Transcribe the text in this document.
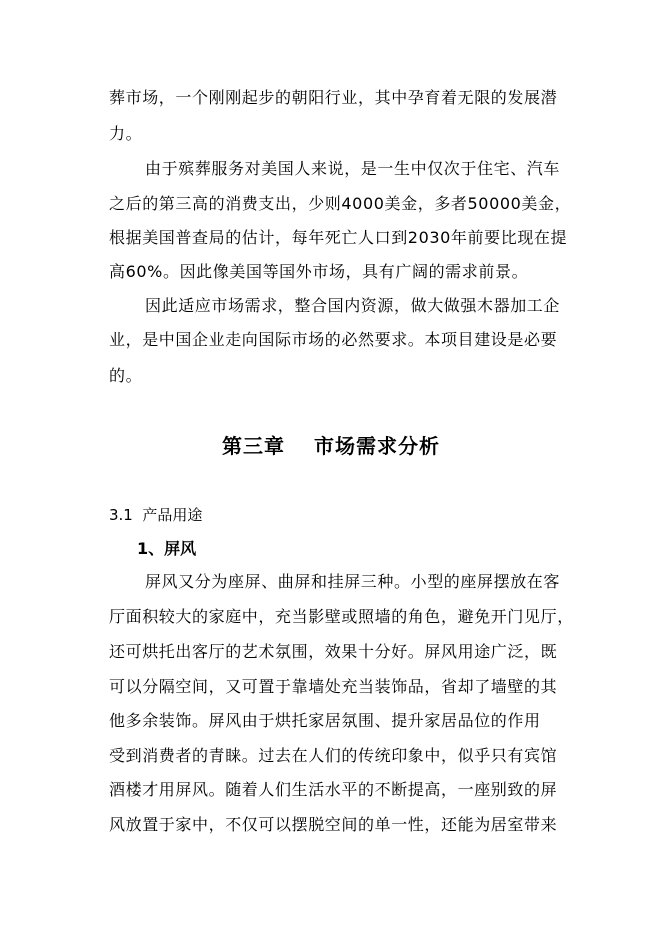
葬市场，一个刚刚起步的朝阳行业，其中孕育着无限的发展潜
力。
由于殡葬服务对美国人来说，是一生中仅次于住宅、汽车
之后的第三高的消费支出，少则4000美金，多者50000美金，
根据美国普查局的估计，每年死亡人口到2030年前要比现在提
高60%。因此像美国等国外市场，具有广阔的需求前景。
因此适应市场需求，整合国内资源，做大做强木器加工企
业，是中国企业走向国际市场的必然要求。本项目建设是必要
的。
第三章　 市场需求分析
3.1  产品用途
1、屏风
屏风又分为座屏、曲屏和挂屏三种。小型的座屏摆放在客
厅面积较大的家庭中，充当影壁或照墙的角色，避免开门见厅，
还可烘托出客厅的艺术氛围，效果十分好。屏风用途广泛，既
可以分隔空间，又可置于靠墙处充当装饰品，省却了墙壁的其
他多余装饰。屏风由于烘托家居氛围、提升家居品位的作用
受到消费者的青睐。过去在人们的传统印象中，似乎只有宾馆
酒楼才用屏风。随着人们生活水平的不断提高，一座别致的屏
风放置于家中，不仅可以摆脱空间的单一性，还能为居室带来
